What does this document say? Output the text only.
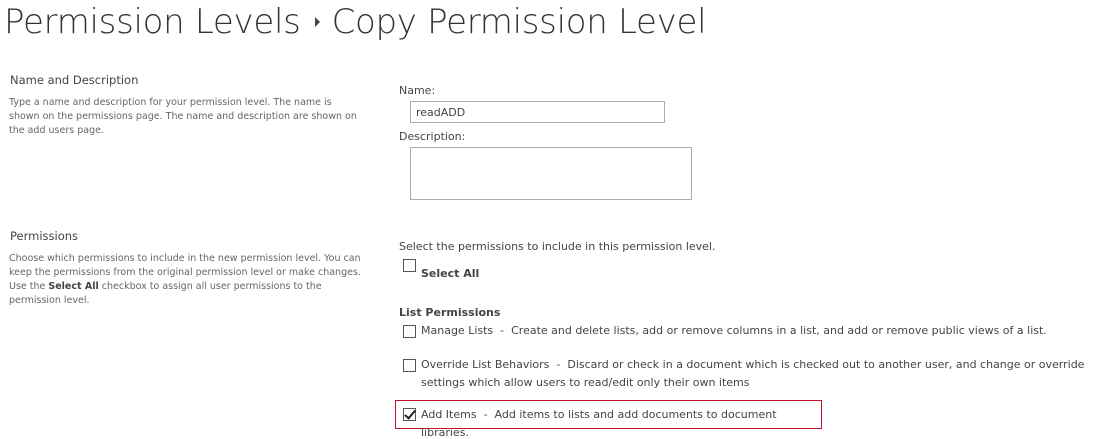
Permission Levels Copy Permission Level
Name and Description
Type a name and description for your permission level. The name is shown on the permissions page. The name and description are shown on the add users page.
Name:
readADD
Description:
Permissions
Choose which permissions to include in the new permission level. You can keep the permissions from the original permission level or make changes. Use the Select All checkbox to assign all user permissions to the permission level.
Select the permissions to include in this permission level.
Select All
List Permissions
Manage Lists  -  Create and delete lists, add or remove columns in a list, and add or remove public views of a list.
Override List Behaviors  -  Discard or check in a document which is checked out to another user, and change or override settings which allow users to read/edit only their own items
Add Items  -  Add items to lists and add documents to document libraries.
